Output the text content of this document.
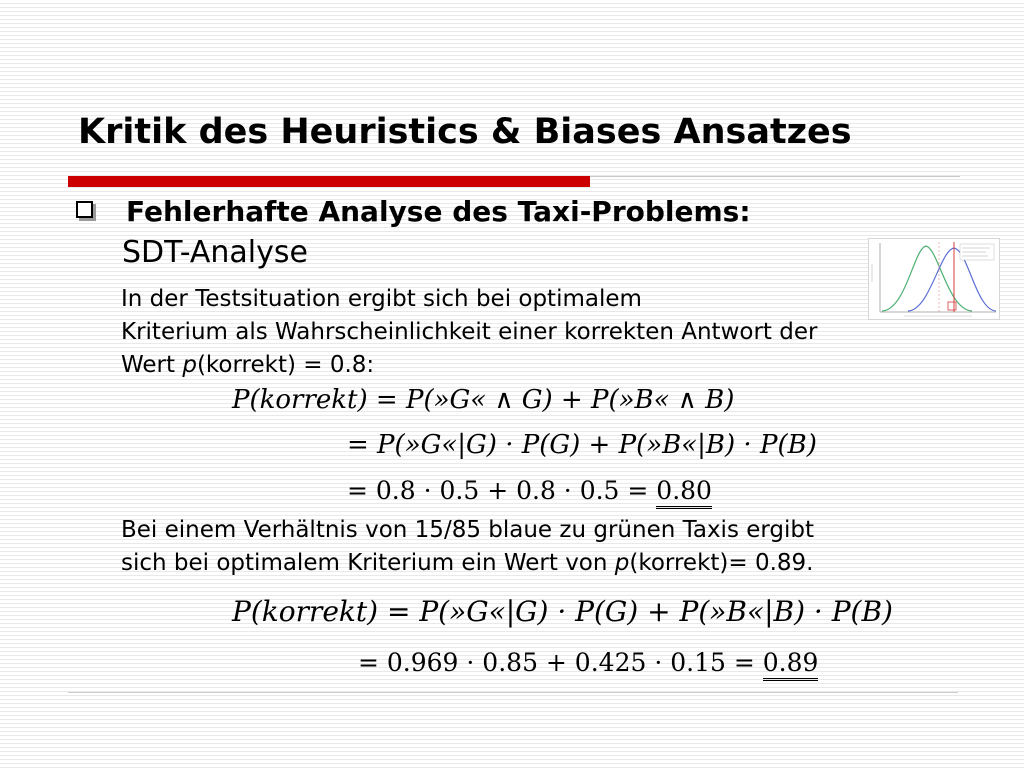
Kritik des Heuristics & Biases Ansatzes
Fehlerhafte Analyse des Taxi-Problems:
SDT-Analyse
In der Testsituation ergibt sich bei optimalem
Kriterium als Wahrscheinlichkeit einer korrekten Antwort der
Wert p(korrekt) = 0.8:
P(korrekt) = P(»G« ∧ G) + P(»B« ∧ B)
= P(»G«|G) · P(G) + P(»B«|B) · P(B)
= 0.8 · 0.5 + 0.8 · 0.5 = 0.80
Bei einem Verhältnis von 15/85 blaue zu grünen Taxis ergibt
sich bei optimalem Kriterium ein Wert von p(korrekt)= 0.89.
P(korrekt) = P(»G«|G) · P(G) + P(»B«|B) · P(B)
= 0.969 · 0.85 + 0.425 · 0.15 = 0.89
